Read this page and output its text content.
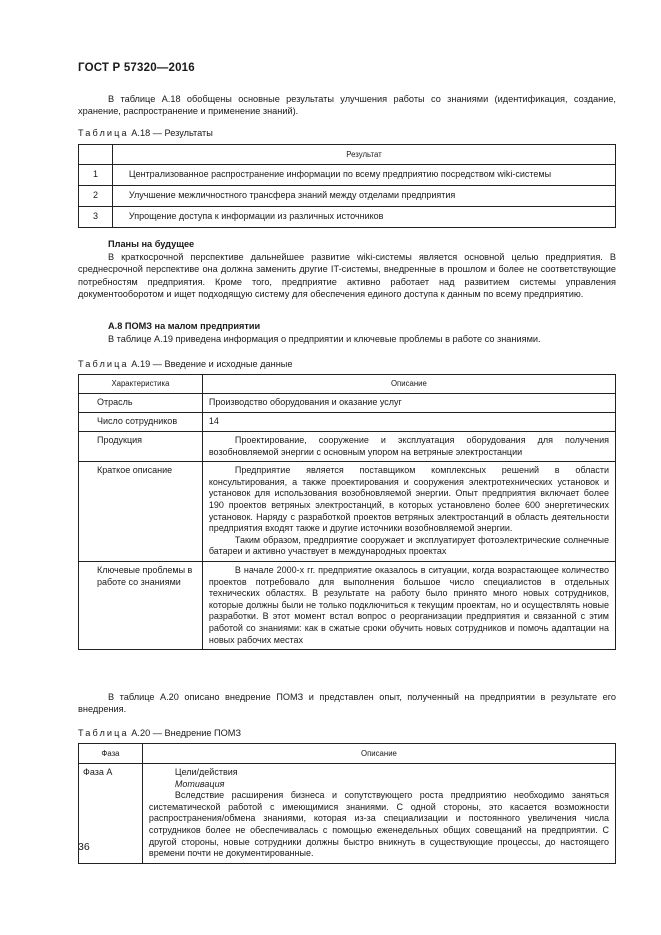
ГОСТ Р 57320—2016

В таблице А.18 обобщены основные результаты улучшения работы со знаниями (идентификация, создание, хранение, распространение и применение знаний).

Таблица А.18 — Результаты

	Результат
1	Централизованное распространение информации по всему предприятию посредством wiki-системы
2	Улучшение межличностного трансфера знаний между отделами предприятия
3	Упрощение доступа к информации из различных источников

Планы на будущее

В краткосрочной перспективе дальнейшее развитие wiki-системы является основной целью предприятия. В среднесрочной перспективе она должна заменить другие IT-системы, внедренные в прошлом и более не соответствующие потребностям предприятия. Кроме того, предприятие активно работает над развитием системы управления документооборотом и ищет подходящую систему для обеспечения единого доступа к данным по всему предприятию.

А.8 ПОМЗ на малом предприятии

В таблице А.19 приведена информация о предприятии и ключевые проблемы в работе со знаниями.

Таблица А.19 — Введение и исходные данные

Характеристика	Описание
Отрасль	Производство оборудования и оказание услуг
Число сотрудников	14
Продукция	Проектирование, сооружение и эксплуатация оборудования для получения возобновляемой энергии с основным упором на ветряные электростанции
Краткое описание	Предприятие является поставщиком комплексных решений в области консультирования, а также проектирования и сооружения электротехнических установок и установок для использования возобновляемой энергии. Опыт предприятия включает более 190 проектов ветряных электростанций, в которых установлено более 600 энергетических установок. Наряду с разработкой проектов ветряных электростанций в область деятельности предприятия входят также и другие источники возобновляемой энергии.
Таким образом, предприятие сооружает и эксплуатирует фотоэлектрические солнечные батареи и активно участвует в международных проектах

Ключевые проблемы в работе со знаниями	В начале 2000-х гг. предприятие оказалось в ситуации, когда возрастающее количество проектов потребовало для выполнения большое число специалистов в отдельных технических областях. В результате на работу было принято много новых сотрудников, которые должны были не только подключиться к текущим проектам, но и осуществлять новые разработки. В этот момент встал вопрос о реорганизации предприятия и связанной с этим работой со знаниями: как в сжатые сроки обучить новых сотрудников и помочь адаптации на новых рабочих местах

В таблице А.20 описано внедрение ПОМЗ и представлен опыт, полученный на предприятии в результате его внедрения.

Таблица А.20 — Внедрение ПОМЗ

Фаза	Описание
Фаза А	Цели/действия
Мотивация
Вследствие расширения бизнеса и сопутствующего роста предприятию необходимо заняться систематической работой с имеющимися знаниями. С одной стороны, это касается возможности распространения/обмена знаниями, которая из-за специализации и постоянного увеличения числа сотрудников более не обеспечивалась с помощью еженедельных общих совещаний на предприятии. С другой стороны, новые сотрудники должны быстро вникнуть в существующие процессы, до настоящего времени почти не документированные.
36
